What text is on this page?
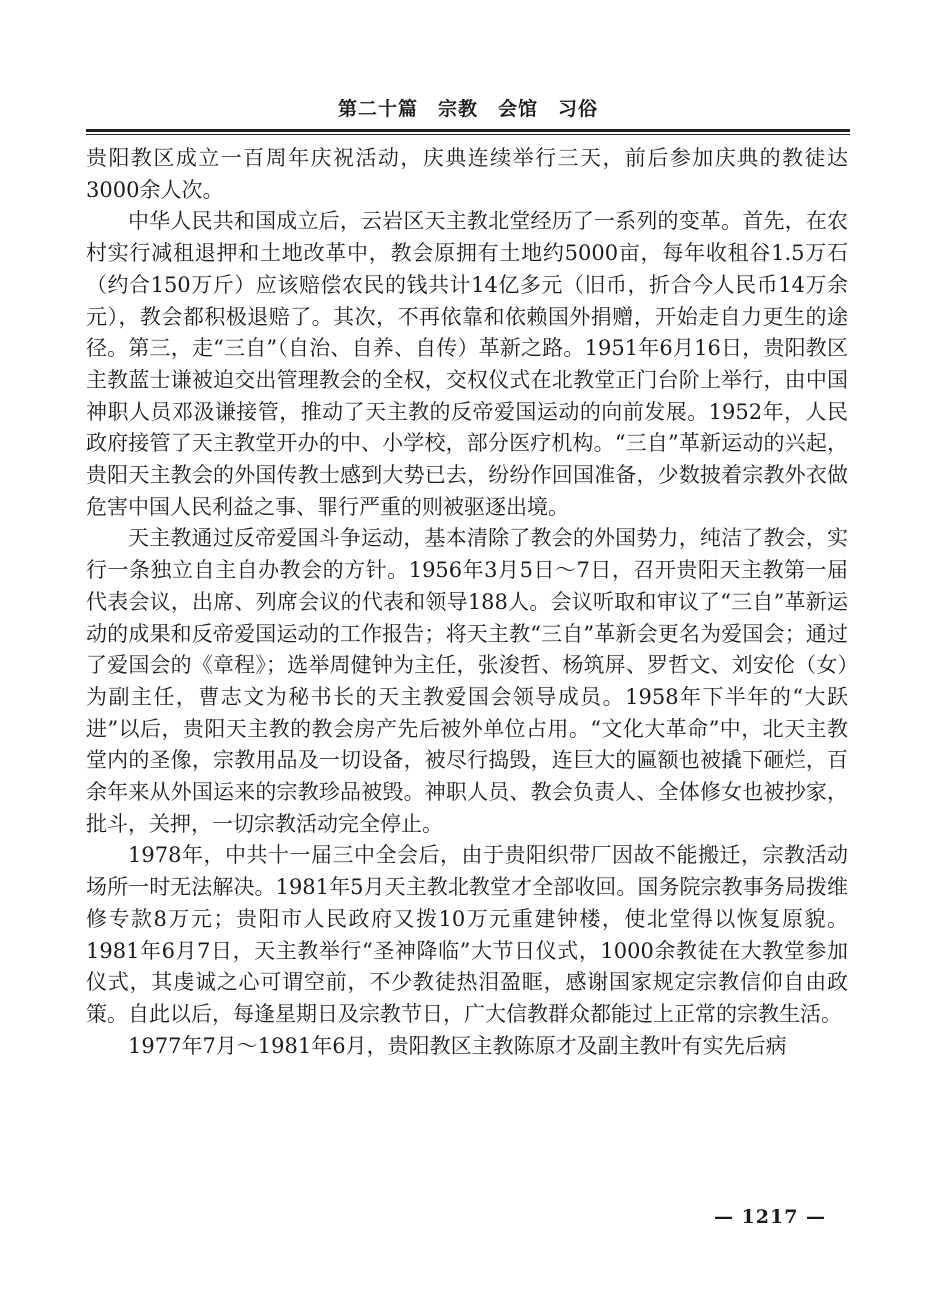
第二十篇　宗教　会馆　习俗

贵阳教区成立一百周年庆祝活动，庆典连续举行三天，前后参加庆典的教徒达3000余人次。

中华人民共和国成立后，云岩区天主教北堂经历了一系列的变革。首先，在农村实行减租退押和土地改革中，教会原拥有土地约5000亩，每年收租谷1.5万石（约合150万斤）应该赔偿农民的钱共计14亿多元（旧币，折合今人民币14万余元），教会都积极退赔了。其次，不再依靠和依赖国外捐赠，开始走自力更生的途径。第三，走“三自”（自治、自养、自传）革新之路。1951年6月16日，贵阳教区主教蓝士谦被迫交出管理教会的全权，交权仪式在北教堂正门台阶上举行，由中国神职人员邓汲谦接管，推动了天主教的反帝爱国运动的向前发展。1952年，人民政府接管了天主教堂开办的中、小学校，部分医疗机构。“三自”革新运动的兴起，贵阳天主教会的外国传教士感到大势已去，纷纷作回国准备，少数披着宗教外衣做危害中国人民利益之事、罪行严重的则被驱逐出境。

天主教通过反帝爱国斗争运动，基本清除了教会的外国势力，纯洁了教会，实行一条独立自主自办教会的方针。1956年3月5日～7日，召开贵阳天主教第一届代表会议，出席、列席会议的代表和领导188人。会议听取和审议了“三自”革新运动的成果和反帝爱国运动的工作报告；将天主教“三自”革新会更名为爱国会；通过了爱国会的《章程》；选举周健钟为主任，张浚哲、杨筑屏、罗哲文、刘安伦（女）为副主任，曹志文为秘书长的天主教爱国会领导成员。1958年下半年的“大跃进”以后，贵阳天主教的教会房产先后被外单位占用。“文化大革命”中，北天主教堂内的圣像，宗教用品及一切设备，被尽行捣毁，连巨大的匾额也被撬下砸烂，百余年来从外国运来的宗教珍品被毁。神职人员、教会负责人、全体修女也被抄家，批斗，关押，一切宗教活动完全停止。

1978年，中共十一届三中全会后，由于贵阳织带厂因故不能搬迁，宗教活动场所一时无法解决。1981年5月天主教北教堂才全部收回。国务院宗教事务局拨维修专款8万元；贵阳市人民政府又拨10万元重建钟楼，使北堂得以恢复原貌。1981年6月7日，天主教举行“圣神降临”大节日仪式，1000余教徒在大教堂参加仪式，其虔诚之心可谓空前，不少教徒热泪盈眶，感谢国家规定宗教信仰自由政策。自此以后，每逢星期日及宗教节日，广大信教群众都能过上正常的宗教生活。

1977年7月～1981年6月，贵阳教区主教陈原才及副主教叶有实先后病

— 1217 —
